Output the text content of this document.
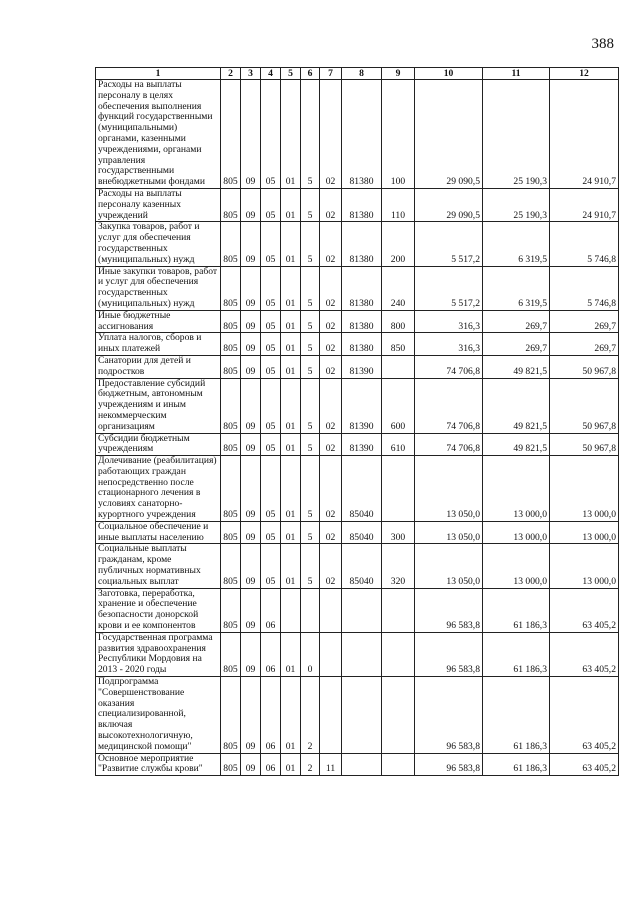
388
1	2	3	4	5	6	7	8	9	10	11	12
Расходы на выплаты персоналу в целях обеспечения выполнения функций государственными (муниципальными) органами, казенными учреждениями, органами управления государственными внебюджетными фондами	805	09	05	01	5	02	81380	100	29 090,5	25 190,3	24 910,7
Расходы на выплаты персоналу казенных учреждений	805	09	05	01	5	02	81380	110	29 090,5	25 190,3	24 910,7
Закупка товаров, работ и услуг для обеспечения государственных (муниципальных) нужд	805	09	05	01	5	02	81380	200	5 517,2	6 319,5	5 746,8
Иные закупки товаров, работ и услуг для обеспечения государственных (муниципальных) нужд	805	09	05	01	5	02	81380	240	5 517,2	6 319,5	5 746,8
Иные бюджетные ассигнования	805	09	05	01	5	02	81380	800	316,3	269,7	269,7
Уплата налогов, сборов и иных платежей	805	09	05	01	5	02	81380	850	316,3	269,7	269,7
Санатории для детей и подростков	805	09	05	01	5	02	81390		74 706,8	49 821,5	50 967,8
Предоставление субсидий бюджетным, автономным учреждениям и иным некоммерческим организациям	805	09	05	01	5	02	81390	600	74 706,8	49 821,5	50 967,8
Субсидии бюджетным учреждениям	805	09	05	01	5	02	81390	610	74 706,8	49 821,5	50 967,8
Долечивание (реабилитация) работающих граждан непосредственно после стационарного лечения в условиях санаторно-курортного учреждения	805	09	05	01	5	02	85040		13 050,0	13 000,0	13 000,0
Социальное обеспечение и иные выплаты населению	805	09	05	01	5	02	85040	300	13 050,0	13 000,0	13 000,0
Социальные выплаты гражданам, кроме публичных нормативных социальных выплат	805	09	05	01	5	02	85040	320	13 050,0	13 000,0	13 000,0
Заготовка, переработка, хранение и обеспечение безопасности донорской крови и ее компонентов	805	09	06						96 583,8	61 186,3	63 405,2
Государственная программа развития здравоохранения Республики Мордовия на 2013 - 2020 годы	805	09	06	01	0				96 583,8	61 186,3	63 405,2
Подпрограмма "Совершенствование оказания специализированной, включая высокотехнологичную, медицинской помощи"	805	09	06	01	2				96 583,8	61 186,3	63 405,2
Основное мероприятие "Развитие службы крови"	805	09	06	01	2	11			96 583,8	61 186,3	63 405,2
